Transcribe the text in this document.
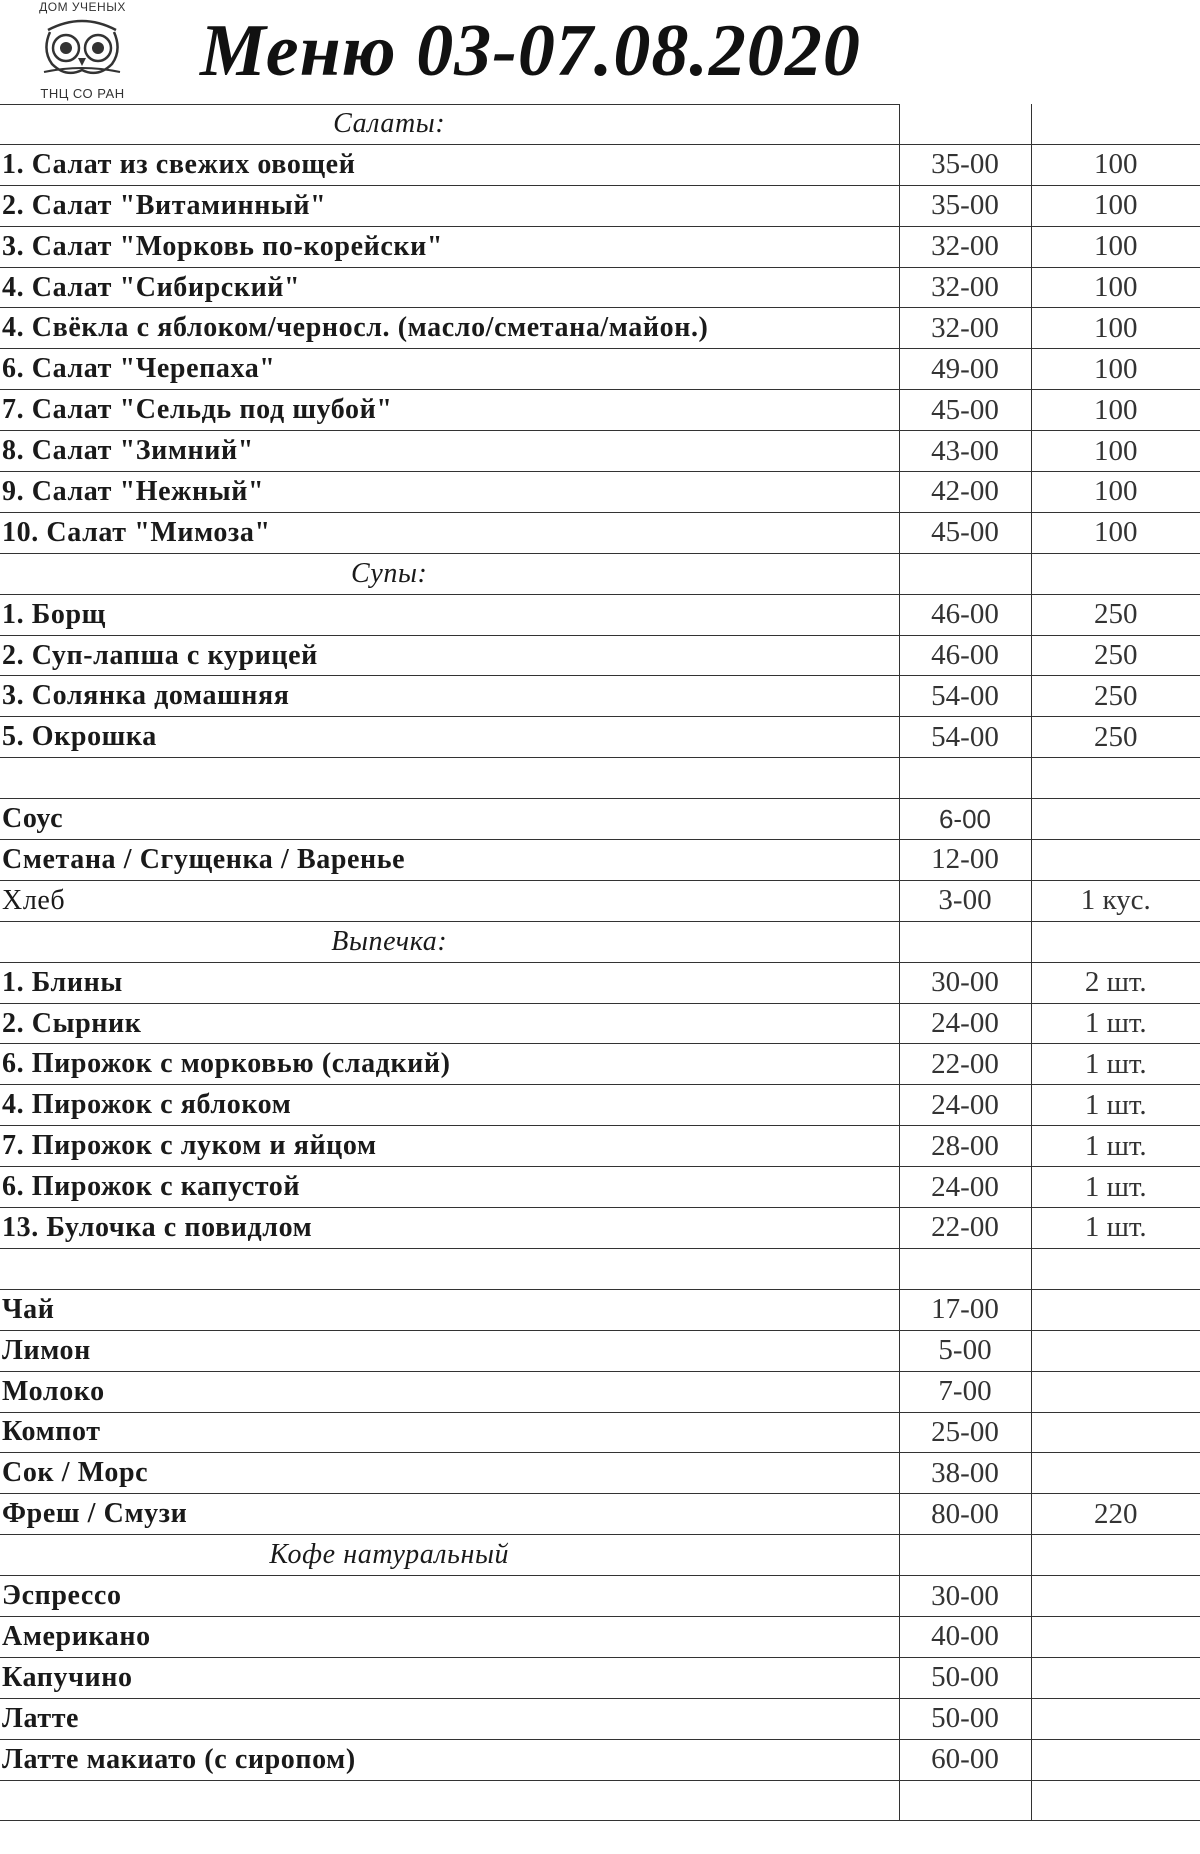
ДОМ УЧЕНЫХ
ТНЦ СО РАН
Меню 03-07.08.2020
Салаты:		
1. Салат из свежих овощей	35-00	100
2. Салат "Витаминный"	35-00	100
3. Салат "Морковь по-корейски"	32-00	100
4. Салат "Сибирский"	32-00	100
4. Свёкла с яблоком/черносл. (масло/сметана/майон.)	32-00	100
6. Салат "Черепаха"	49-00	100
7. Салат "Сельдь под шубой"	45-00	100
8. Салат "Зимний"	43-00	100
9. Салат "Нежный"	42-00	100
10. Салат "Мимоза"	45-00	100
Супы:		
1. Борщ	46-00	250
2. Суп-лапша с курицей	46-00	250
3. Солянка домашняя	54-00	250
5. Окрошка	54-00	250

Соус	6-00	
Сметана / Сгущенка / Варенье	12-00	
Хлеб	3-00	1 кус.
Выпечка:		
1. Блины	30-00	2 шт.
2. Сырник	24-00	1 шт.
6. Пирожок с морковью (сладкий)	22-00	1 шт.
4. Пирожок с яблоком	24-00	1 шт.
7. Пирожок с луком и яйцом	28-00	1 шт.
6. Пирожок с капустой	24-00	1 шт.
13. Булочка с повидлом	22-00	1 шт.

Чай	17-00	
Лимон	5-00	
Молоко	7-00	
Компот	25-00	
Сок / Морс	38-00	
Фреш / Смузи	80-00	220
Кофе натуральный		
Эспрессо	30-00	
Американо	40-00	
Капучино	50-00	
Латте	50-00	
Латте макиато (с сиропом)	60-00	
